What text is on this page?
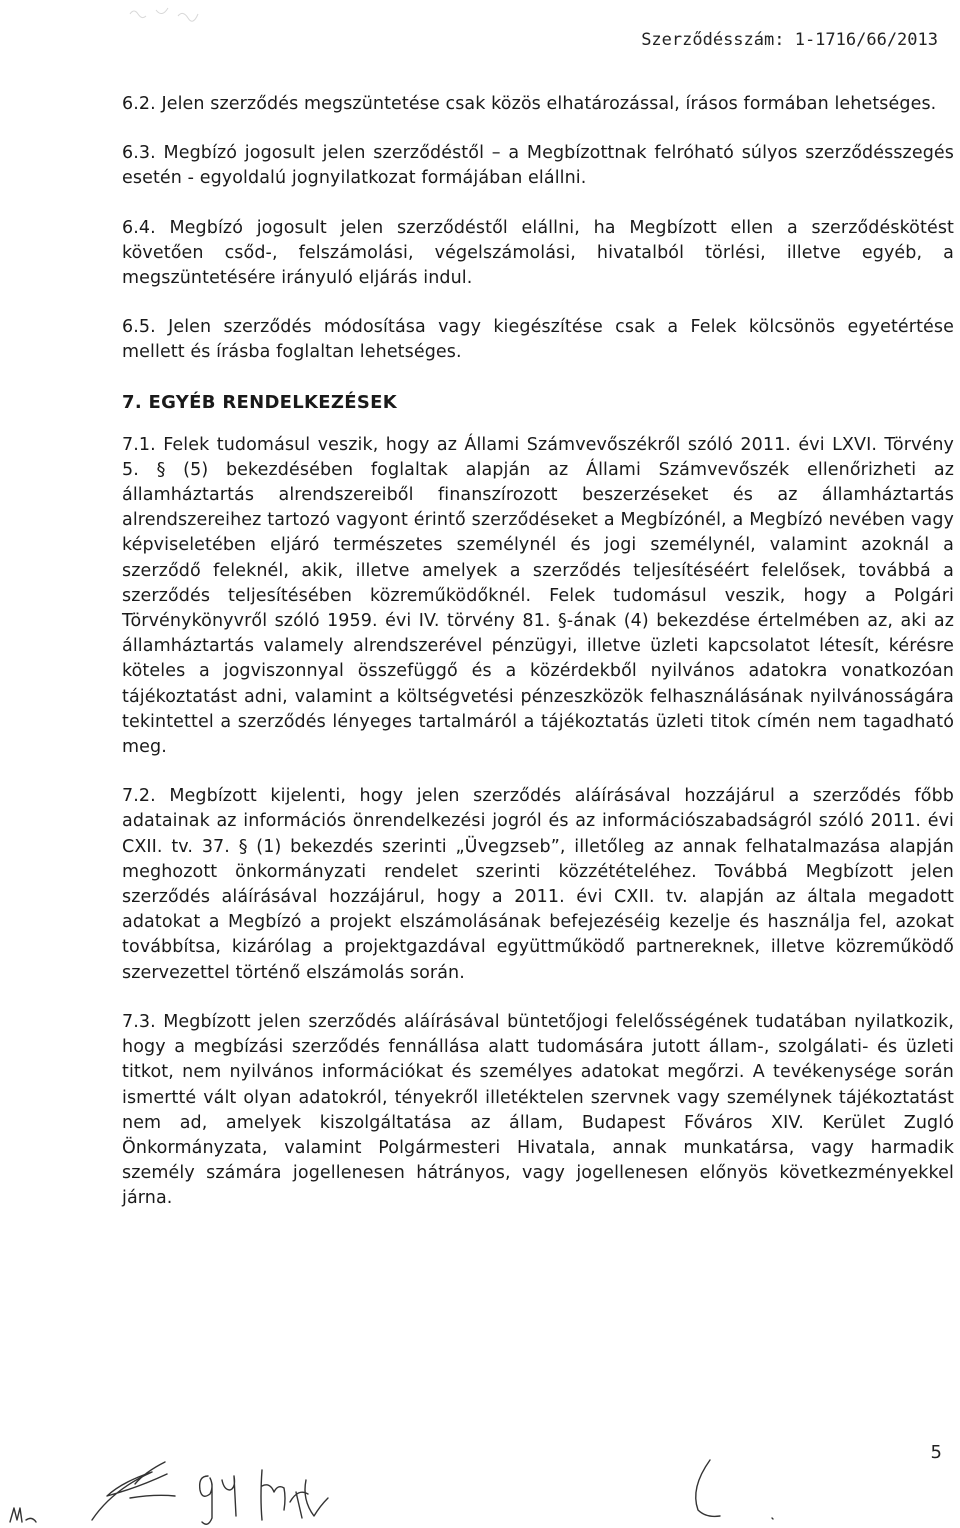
Szerződésszám: 1-1716/66/2013

6.2. Jelen szerződés megszüntetése csak közös elhatározással, írásos formában lehetséges.

6.3. Megbízó jogosult jelen szerződéstől – a Megbízottnak felróható súlyos szerződésszegés esetén - egyoldalú jognyilatkozat formájában elállni.

6.4. Megbízó jogosult jelen szerződéstől elállni, ha Megbízott ellen a szerződéskötést követően csőd-, felszámolási, végelszámolási, hivatalból törlési, illetve egyéb, a megszüntetésére irányuló eljárás indul.

6.5. Jelen szerződés módosítása vagy kiegészítése csak a Felek kölcsönös egyetértése mellett és írásba foglaltan lehetséges.

7. EGYÉB RENDELKEZÉSEK

7.1. Felek tudomásul veszik, hogy az Állami Számvevőszékről szóló 2011. évi LXVI. Törvény 5. § (5) bekezdésében foglaltak alapján az Állami Számvevőszék ellenőrizheti az államháztartás alrendszereiből finanszírozott beszerzéseket és az államháztartás alrendszereihez tartozó vagyont érintő szerződéseket a Megbízónél, a Megbízó nevében vagy képviseletében eljáró természetes személynél és jogi személynél, valamint azoknál a szerződő feleknél, akik, illetve amelyek a szerződés teljesítéséért felelősek, továbbá a szerződés teljesítésében közreműködőknél. Felek tudomásul veszik, hogy a Polgári Törvénykönyvről szóló 1959. évi IV. törvény 81. §-ának (4) bekezdése értelmében az, aki az államháztartás valamely alrendszerével pénzügyi, illetve üzleti kapcsolatot létesít, kérésre köteles a jogviszonnyal összefüggő és a közérdekből nyilvános adatokra vonatkozóan tájékoztatást adni, valamint a költségvetési pénzeszközök felhasználásának nyilvánosságára tekintettel a szerződés lényeges tartalmáról a tájékoztatás üzleti titok címén nem tagadható meg.

7.2. Megbízott kijelenti, hogy jelen szerződés aláírásával hozzájárul a szerződés főbb adatainak az információs önrendelkezési jogról és az információszabadságról szóló 2011. évi CXII. tv. 37. § (1) bekezdés szerinti „Üvegzseb”, illetőleg az annak felhatalmazása alapján meghozott önkormányzati rendelet szerinti közzétételéhez. Továbbá Megbízott jelen szerződés aláírásával hozzájárul, hogy a 2011. évi CXII. tv. alapján az általa megadott adatokat a Megbízó a projekt elszámolásának befejezéséig kezelje és használja fel, azokat továbbítsa, kizárólag a projektgazdával együttműködő partnereknek, illetve közreműködő szervezettel történő elszámolás során.

7.3. Megbízott jelen szerződés aláírásával büntetőjogi felelősségének tudatában nyilatkozik, hogy a megbízási szerződés fennállása alatt tudomására jutott állam-, szolgálati- és üzleti titkot, nem nyilvános információkat és személyes adatokat megőrzi. A tevékenysége során ismertté vált olyan adatokról, tényekről illetéktelen szervnek vagy személynek tájékoztatást nem ad, amelyek kiszolgáltatása az állam, Budapest Főváros XIV. Kerület Zugló Önkormányzata, valamint Polgármesteri Hivatala, annak munkatársa, vagy harmadik személy számára jogellenesen hátrányos, vagy jogellenesen előnyös következményekkel járna.

5
